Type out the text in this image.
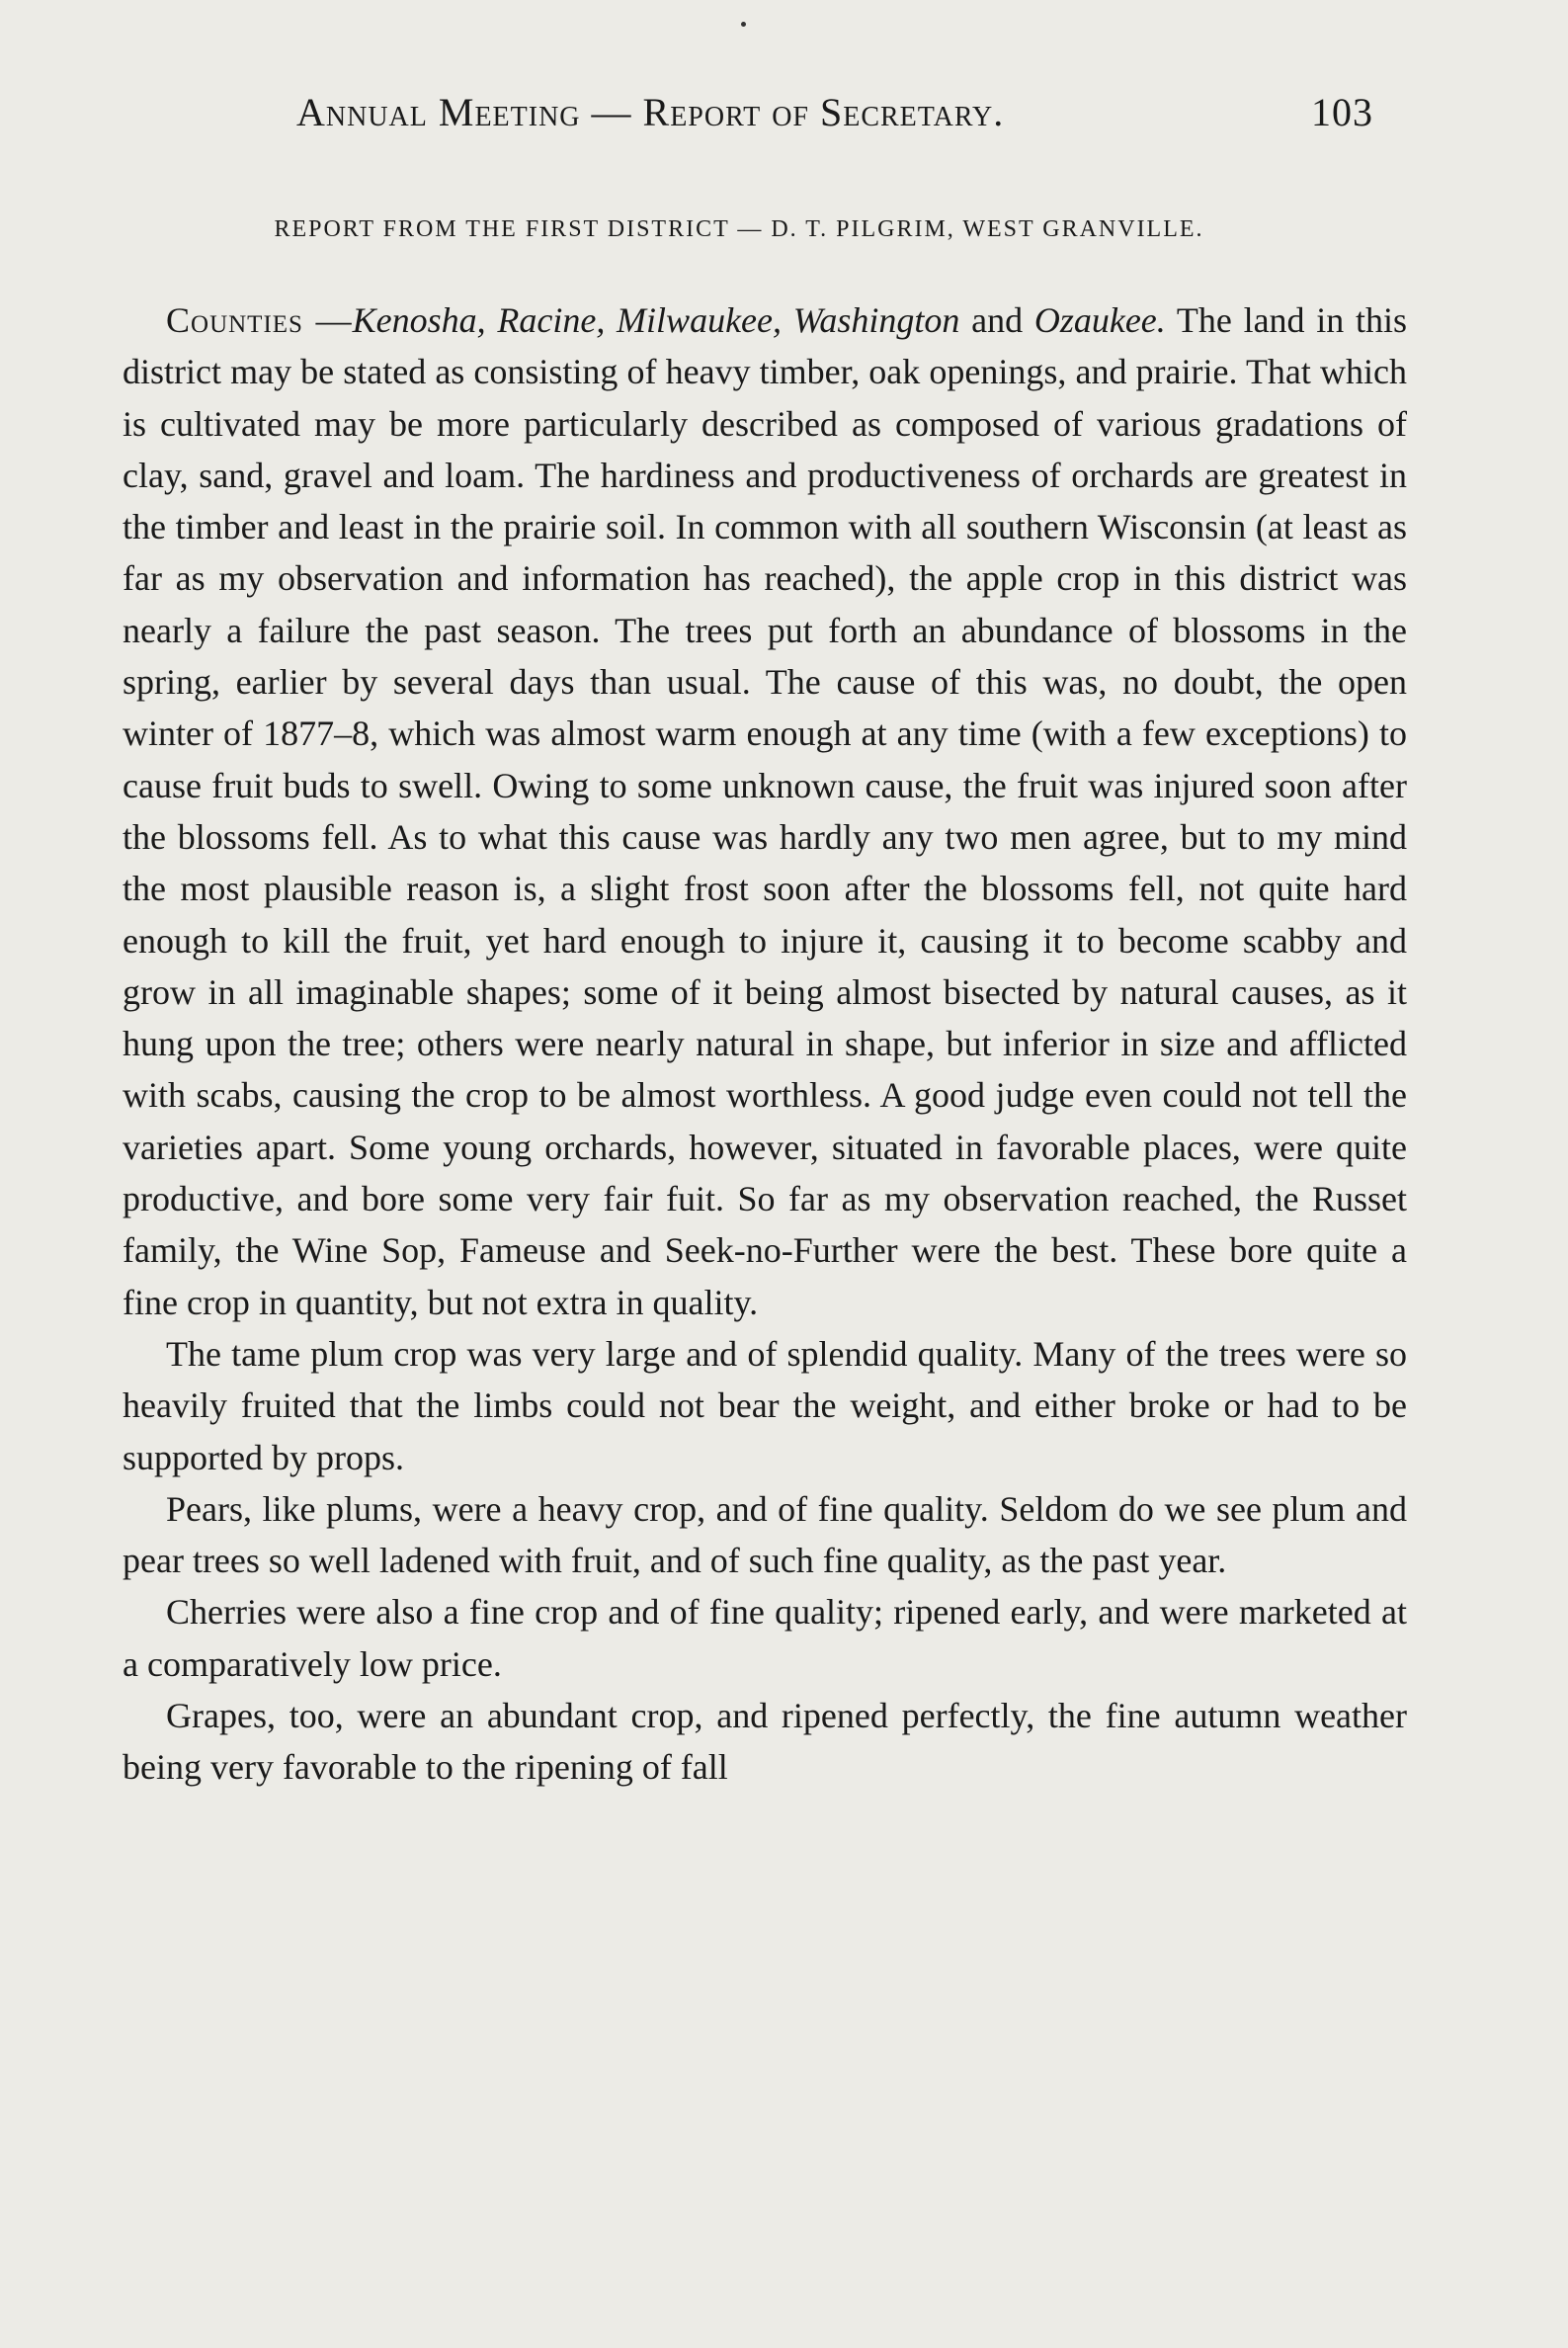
Annual Meeting — Report of Secretary.	103
REPORT FROM THE FIRST DISTRICT — D. T. PILGRIM, WEST GRANVILLE.

Counties —Kenosha, Racine, Milwaukee, Washington and Ozaukee. The land in this district may be stated as consisting of heavy timber, oak openings, and prairie. That which is cultivated may be more particularly described as composed of various gradations of clay, sand, gravel and loam. The hardiness and productiveness of orchards are greatest in the timber and least in the prairie soil. In common with all southern Wisconsin (at least as far as my observation and information has reached), the apple crop in this district was nearly a failure the past season. The trees put forth an abundance of blossoms in the spring, earlier by several days than usual. The cause of this was, no doubt, the open winter of 1877–8, which was almost warm enough at any time (with a few exceptions) to cause fruit buds to swell. Owing to some unknown cause, the fruit was injured soon after the blossoms fell. As to what this cause was hardly any two men agree, but to my mind the most plausible reason is, a slight frost soon after the blossoms fell, not quite hard enough to kill the fruit, yet hard enough to injure it, causing it to become scabby and grow in all imaginable shapes; some of it being almost bisected by natural causes, as it hung upon the tree; others were nearly natural in shape, but inferior in size and afflicted with scabs, causing the crop to be almost worthless. A good judge even could not tell the varieties apart. Some young orchards, however, situated in favorable places, were quite productive, and bore some very fair fuit. So far as my observation reached, the Russet family, the Wine Sop, Fameuse and Seek-no-Further were the best. These bore quite a fine crop in quantity, but not extra in quality.

The tame plum crop was very large and of splendid quality. Many of the trees were so heavily fruited that the limbs could not bear the weight, and either broke or had to be supported by props.

Pears, like plums, were a heavy crop, and of fine quality. Seldom do we see plum and pear trees so well ladened with fruit, and of such fine quality, as the past year.

Cherries were also a fine crop and of fine quality; ripened early, and were marketed at a comparatively low price.

Grapes, too, were an abundant crop, and ripened perfectly, the fine autumn weather being very favorable to the ripening of fall
